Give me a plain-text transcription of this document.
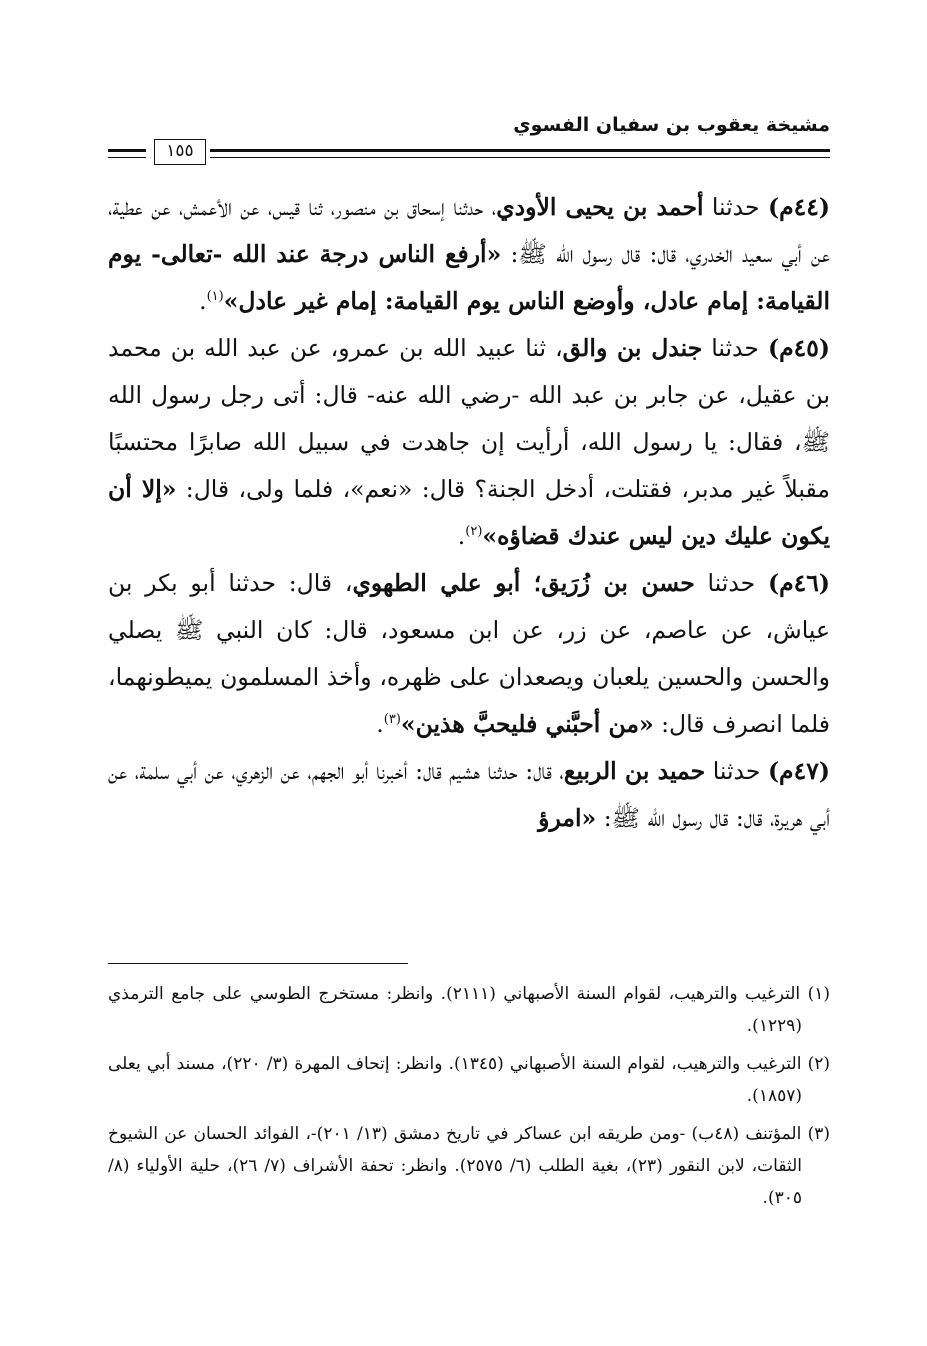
مشيخة يعقوب بن سفيان الفسوي
١٥٥

(٤٤م) حدثنا أحمد بن يحيى الأودي، حدثنا إسحاق بن منصور، ثنا قيس، عن الأعمش، عن عطية، عن أبي سعيد الخدري، قال: قال رسول الله ﷺ: «أرفع الناس درجة عند الله -تعالى- يوم القيامة: إمام عادل، وأوضع الناس يوم القيامة: إمام غير عادل»$^{(١)}$.

(٤٥م) حدثنا جندل بن والق، ثنا عبيد الله بن عمرو، عن عبد الله بن محمد بن عقيل، عن جابر بن عبد الله -رضي الله عنه- قال: أتى رجل رسول الله ﷺ، فقال: يا رسول الله، أرأيت إن جاهدت في سبيل الله صابرًا محتسبًا مقبلاً غير مدبر، فقتلت، أدخل الجنة؟ قال: «نعم»، فلما ولى، قال: «إلا أن يكون عليك دين ليس عندك قضاؤه»$^{(٢)}$.

(٤٦م) حدثنا حسن بن زُرَيق؛ أبو علي الطهوي، قال: حدثنا أبو بكر بن عياش، عن عاصم، عن زر، عن ابن مسعود، قال: كان النبي ﷺ يصلي والحسن والحسين يلعبان ويصعدان على ظهره، وأخذ المسلمون يميطونهما، فلما انصرف قال: «من أحبَّني فليحبَّ هذين»$^{(٣)}$.

(٤٧م) حدثنا حميد بن الربيع، قال: حدثنا هشيم قال: أخبرنا أبو الجهم، عن الزهري، عن أبي سلمة، عن أبي هريرة، قال: قال رسول الله ﷺ: «امرؤ

(١) الترغيب والترهيب، لقوام السنة الأصبهاني (٢١١١). وانظر: مستخرج الطوسي على جامع الترمذي (١٢٢٩).

(٢) الترغيب والترهيب، لقوام السنة الأصبهاني (١٣٤٥). وانظر: إتحاف المهرة (٣/ ٢٢٠)، مسند أبي يعلى (١٨٥٧).

(٣) المؤتنف (٤٨ب) -ومن طريقه ابن عساكر في تاريخ دمشق (١٣/ ٢٠١)-، الفوائد الحسان عن الشيوخ الثقات، لابن النقور (٢٣)، بغية الطلب (٦/ ٢٥٧٥). وانظر: تحفة الأشراف (٧/ ٢٦)، حلية الأولياء (٨/ ٣٠٥).
